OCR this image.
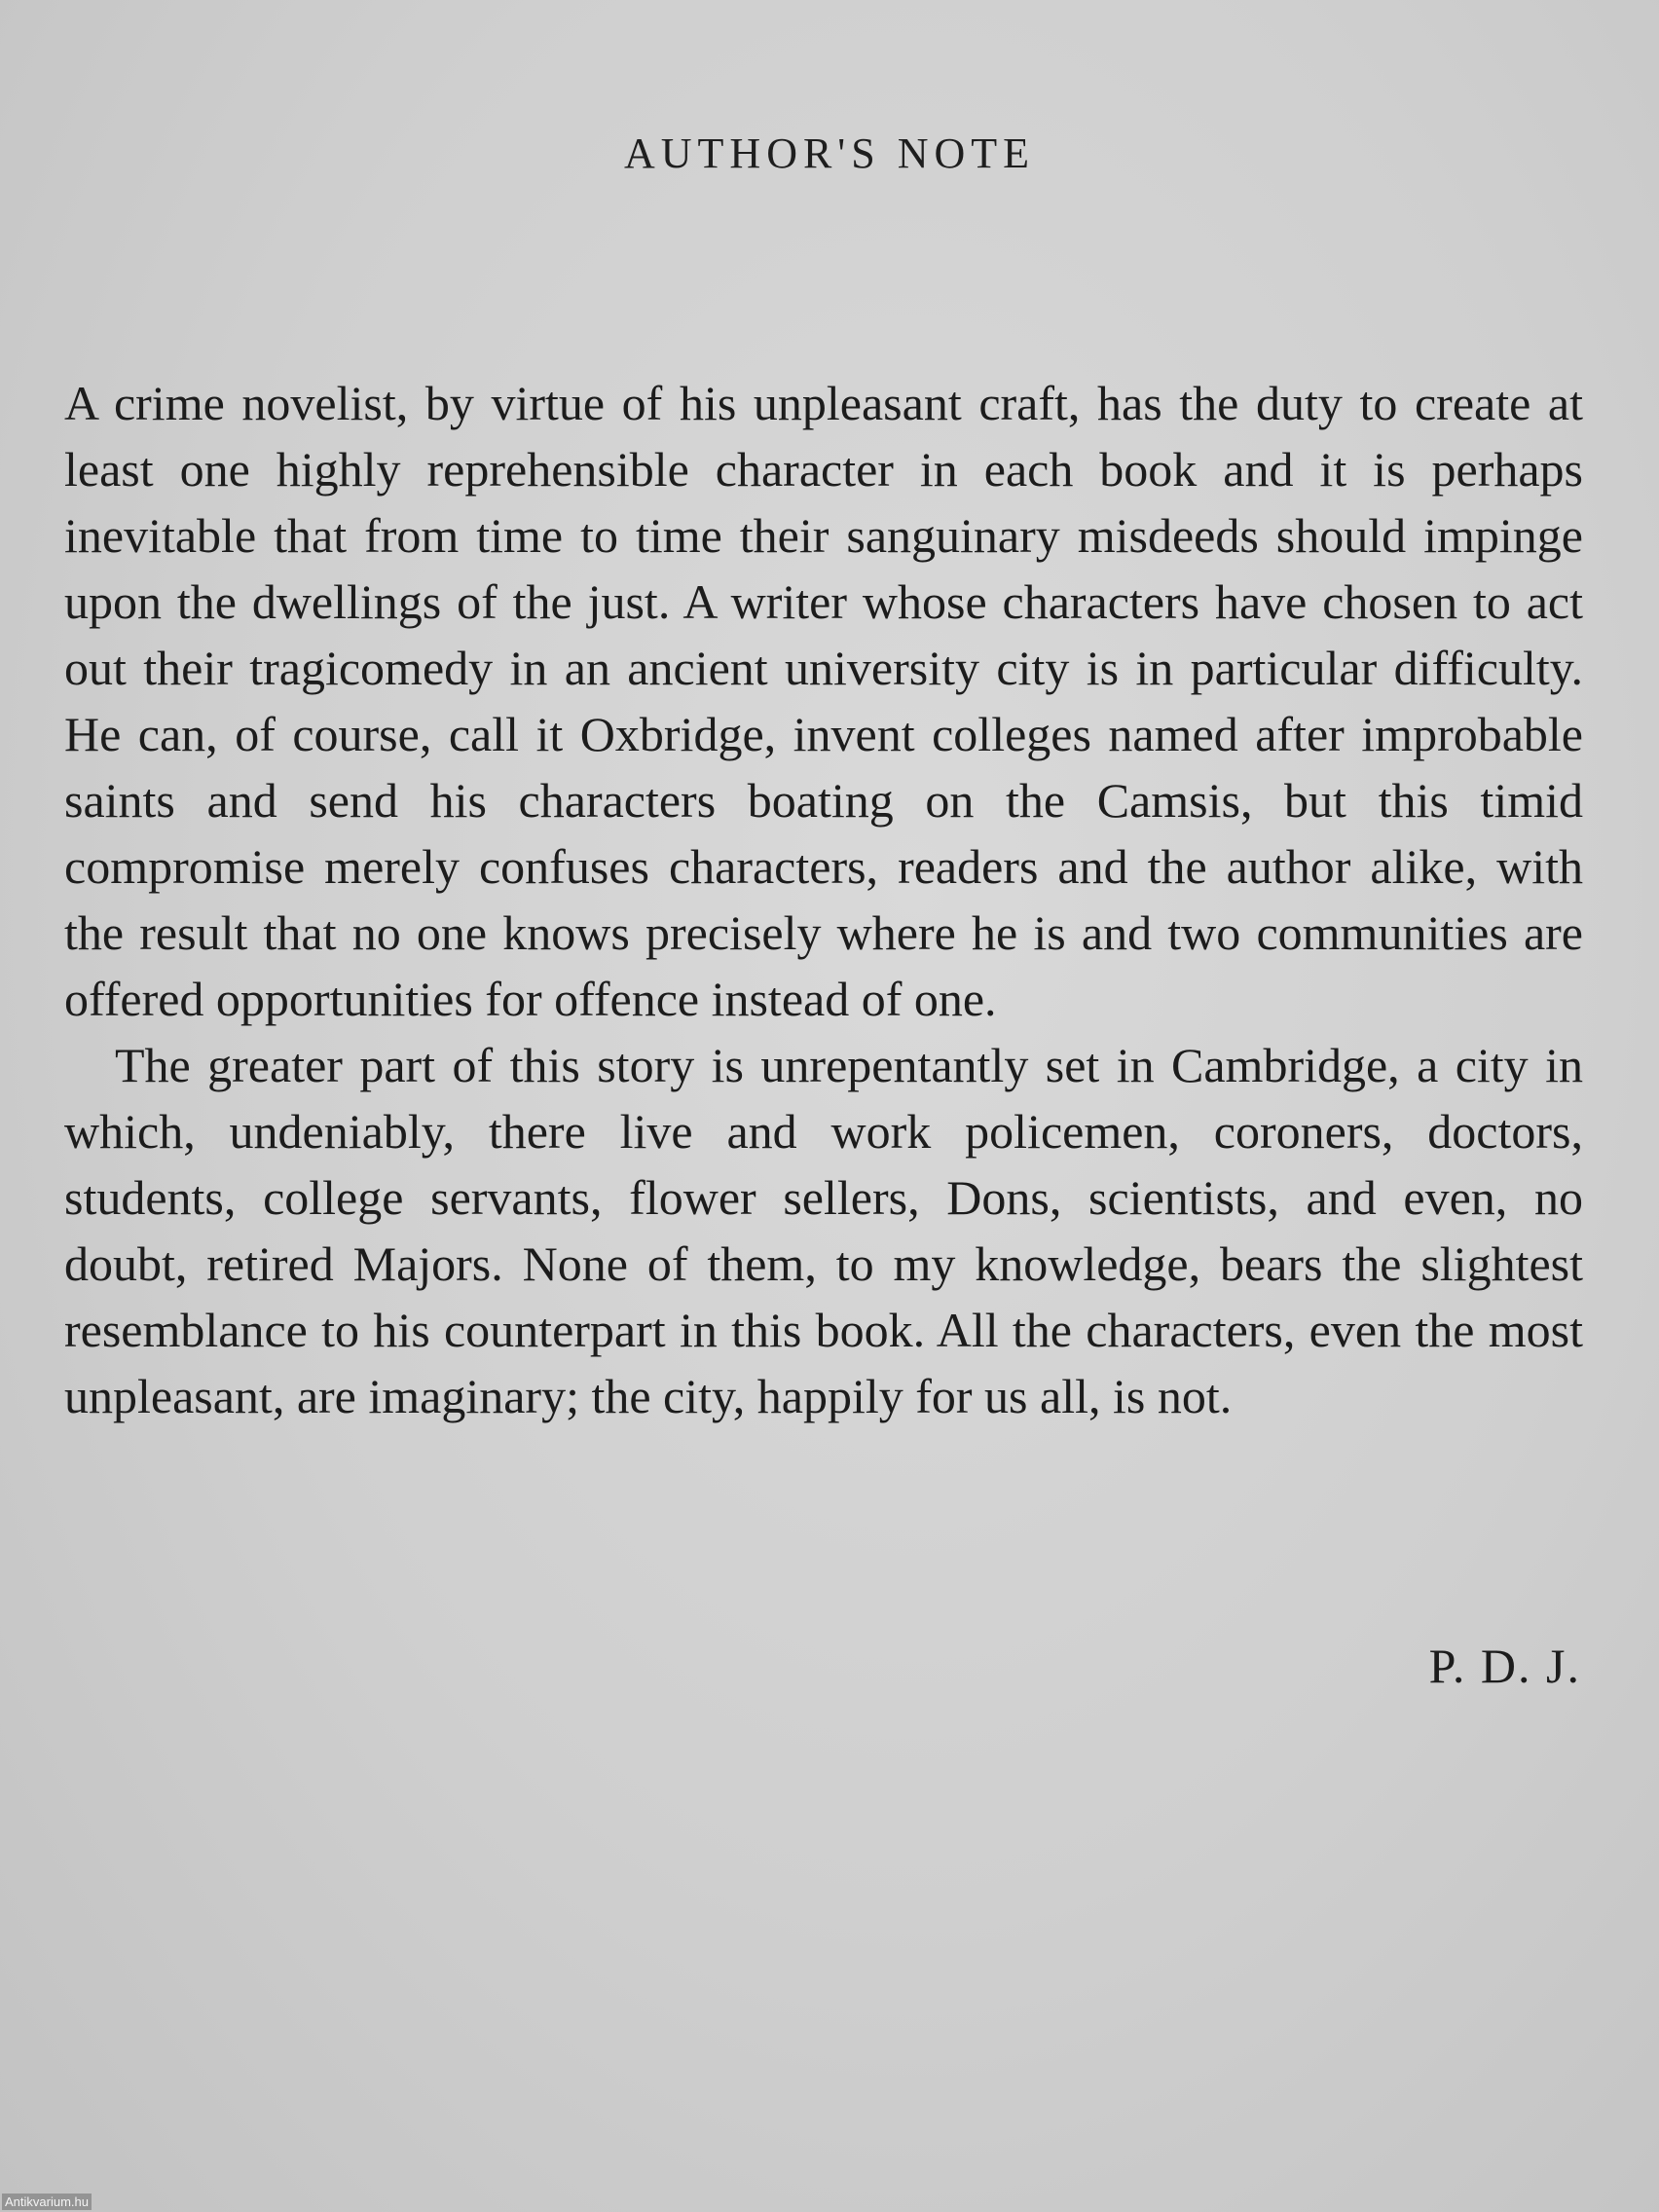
AUTHOR'S NOTE

A crime novelist, by virtue of his unpleasant craft, has the duty to create at least one highly reprehensible character in each book and it is perhaps inevitable that from time to time their sanguinary misdeeds should impinge upon the dwellings of the just. A writer whose characters have chosen to act out their tragicomedy in an ancient university city is in particular difficulty. He can, of course, call it Oxbridge, invent colleges named after improbable saints and send his characters boating on the Camsis, but this timid compromise merely confuses characters, readers and the author alike, with the result that no one knows precisely where he is and two communities are offered opportunities for offence instead of one.

The greater part of this story is unrepentantly set in Cambridge, a city in which, undeniably, there live and work policemen, coroners, doctors, students, college servants, flower sellers, Dons, scientists, and even, no doubt, retired Majors. None of them, to my knowledge, bears the slightest resemblance to his counterpart in this book. All the characters, even the most unpleasant, are imaginary; the city, happily for us all, is not.

P. D. J.
Antikvarium.hu
